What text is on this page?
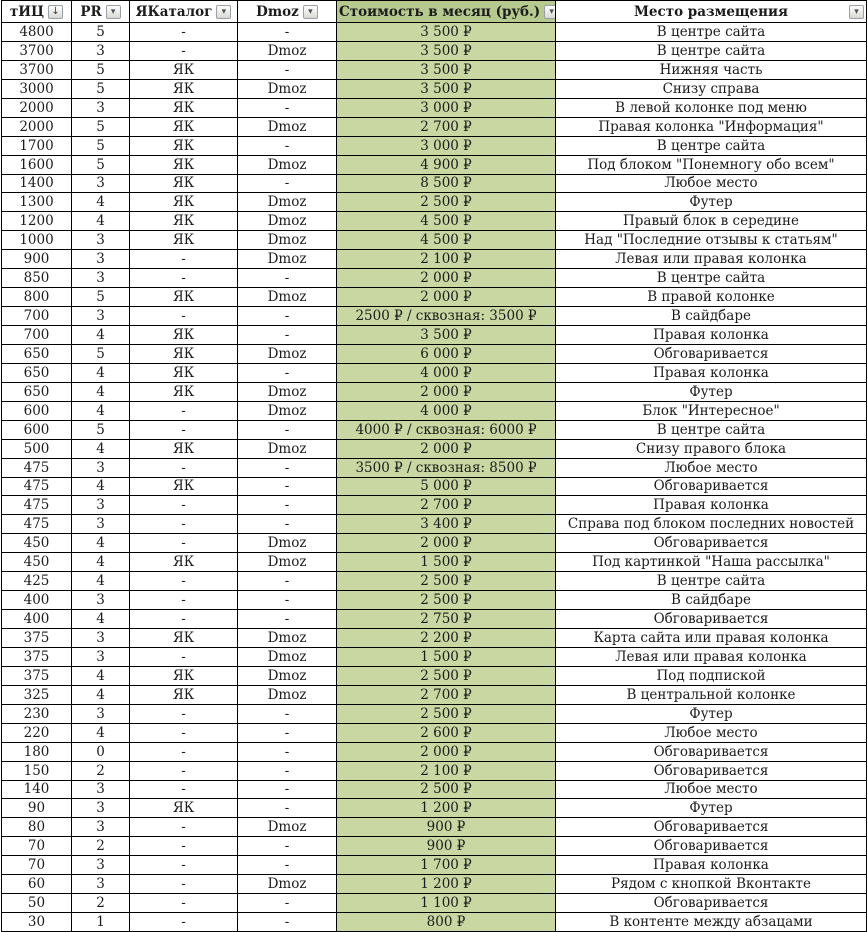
тИЦ ↓	PR ▾	ЯКаталог ▾	Dmoz ▾	Стоимость в месяц (руб.) ▾	Место размещения ▾

4800	5	-	-	3 500 ₽	В центре сайта
3700	3	-	Dmoz	3 500 ₽	В центре сайта
3700	5	ЯК	-	3 500 ₽	Нижняя часть
3000	5	ЯК	Dmoz	3 500 ₽	Снизу справа
2000	3	ЯК	-	3 000 ₽	В левой колонке под меню
2000	5	ЯК	Dmoz	2 700 ₽	Правая колонка "Информация"
1700	5	ЯК	-	3 000 ₽	В центре сайта
1600	5	ЯК	Dmoz	4 900 ₽	Под блоком "Понемногу обо всем"
1400	3	ЯК	-	8 500 ₽	Любое место
1300	4	ЯК	Dmoz	2 500 ₽	Футер
1200	4	ЯК	Dmoz	4 500 ₽	Правый блок в середине
1000	3	ЯК	Dmoz	4 500 ₽	Над "Последние отзывы к статьям"
900	3	-	Dmoz	2 100 ₽	Левая или правая колонка
850	3	-	-	2 000 ₽	В центре сайта
800	5	ЯК	Dmoz	2 000 ₽	В правой колонке
700	3	-	-	2500 ₽ / сквозная: 3500 ₽	В сайдбаре
700	4	ЯК	-	3 500 ₽	Правая колонка
650	5	ЯК	Dmoz	6 000 ₽	Обговаривается
650	4	ЯК	-	4 000 ₽	Правая колонка
650	4	ЯК	Dmoz	2 000 ₽	Футер
600	4	-	Dmoz	4 000 ₽	Блок "Интересное"
600	5	-	-	4000 ₽ / сквозная: 6000 ₽	В центре сайта
500	4	ЯК	Dmoz	2 000 ₽	Снизу правого блока
475	3	-	-	3500 ₽ / сквозная: 8500 ₽	Любое место
475	4	ЯК	-	5 000 ₽	Обговаривается
475	3	-	-	2 700 ₽	Правая колонка
475	3	-	-	3 400 ₽	Справа под блоком последних новостей
450	4	-	Dmoz	2 000 ₽	Обговаривается
450	4	ЯК	Dmoz	1 500 ₽	Под картинкой "Наша рассылка"
425	4	-	-	2 500 ₽	В центре сайта
400	3	-	-	2 500 ₽	В сайдбаре
400	4	-	-	2 750 ₽	Обговаривается
375	3	ЯК	Dmoz	2 200 ₽	Карта сайта или правая колонка
375	3	-	Dmoz	1 500 ₽	Левая или правая колонка
375	4	ЯК	Dmoz	2 500 ₽	Под подпиской
325	4	ЯК	Dmoz	2 700 ₽	В центральной колонке
230	3	-	-	2 500 ₽	Футер
220	4	-	-	2 600 ₽	Любое место
180	0	-	-	2 000 ₽	Обговаривается
150	2	-	-	2 100 ₽	Обговаривается
140	3	-	-	2 500 ₽	Любое место
90	3	ЯК	-	1 200 ₽	Футер
80	3	-	Dmoz	900 ₽	Обговаривается
70	2	-	-	900 ₽	Обговаривается
70	3	-	-	1 700 ₽	Правая колонка
60	3	-	Dmoz	1 200 ₽	Рядом с кнопкой Вконтакте
50	2	-	-	1 100 ₽	Обговаривается
30	1	-	-	800 ₽	В контенте между абзацами
